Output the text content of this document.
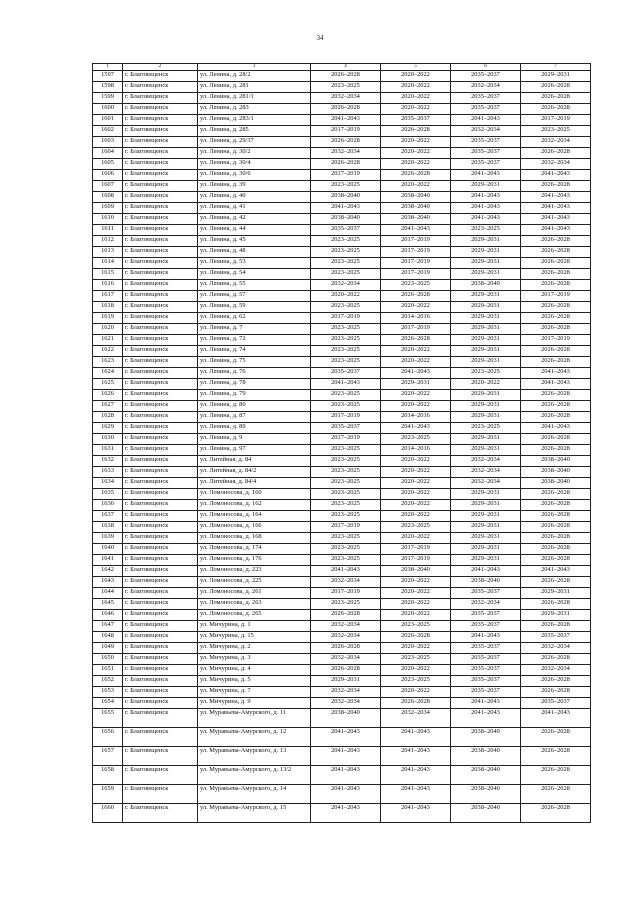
34
1	2	3	4	5	6	7
1597	г. Благовещенск	ул. Ленина, д. 28/2	2026–2028	2020–2022	2035–2037	2029–2031
1598	г. Благовещенск	ул. Ленина, д. 281	2023–2025	2020–2022	2032–2034	2026–2028
1599	г. Благовещенск	ул. Ленина, д. 281/1	2032–2034	2020–2022	2035–2037	2026–2028
1600	г. Благовещенск	ул. Ленина, д. 283	2026–2028	2020–2022	2035–2037	2026–2028
1601	г. Благовещенск	ул. Ленина, д. 283/1	2041–2043	2035–2037	2041–2043	2017–2019
1602	г. Благовещенск	ул. Ленина, д. 285	2017–2019	2026–2028	2032–2034	2023–2025
1603	г. Благовещенск	ул. Ленина, д. 29/37	2026–2028	2020–2022	2035–2037	2032–2034
1604	г. Благовещенск	ул. Ленина, д. 30/2	2032–2034	2020–2022	2035–2037	2026–2028
1605	г. Благовещенск	ул. Ленина, д. 30/4	2026–2028	2020–2022	2035–2037	2032–2034
1606	г. Благовещенск	ул. Ленина, д. 30/6	2017–2019	2026–2028	2041–2043	2041–2043
1607	г. Благовещенск	ул. Ленина, д. 39	2023–2025	2020–2022	2029–2031	2026–2028
1608	г. Благовещенск	ул. Ленина, д. 40	2038–2040	2038–2040	2041–2043	2041–2043
1609	г. Благовещенск	ул. Ленина, д. 41	2041–2043	2038–2040	2041–2043	2041–2043
1610	г. Благовещенск	ул. Ленина, д. 42	2038–2040	2038–2040	2041–2043	2041–2043
1611	г. Благовещенск	ул. Ленина, д. 44	2035–2037	2041–2043	2023–2025	2041–2043
1612	г. Благовещенск	ул. Ленина, д. 45	2023–2025	2017–2019	2029–2031	2026–2028
1613	г. Благовещенск	ул. Ленина, д. 48	2023–2025	2017–2019	2029–2031	2026–2028
1614	г. Благовещенск	ул. Ленина, д. 53	2023–2025	2017–2019	2029–2031	2026–2028
1615	г. Благовещенск	ул. Ленина, д. 54	2023–2025	2017–2019	2029–2031	2026–2028
1616	г. Благовещенск	ул. Ленина, д. 55	2032–2034	2023–2025	2038–2040	2026–2028
1617	г. Благовещенск	ул. Ленина, д. 57	2020–2022	2026–2028	2029–2031	2017–2019
1618	г. Благовещенск	ул. Ленина, д. 59	2023–2025	2020–2022	2029–2031	2026–2028
1619	г. Благовещенск	ул. Ленина, д. 62	2017–2019	2014–2016	2029–2031	2026–2028
1620	г. Благовещенск	ул. Ленина, д. 7	2023–2025	2017–2019	2029–2031	2026–2028
1621	г. Благовещенск	ул. Ленина, д. 72	2023–2025	2026–2028	2029–2031	2017–2019
1622	г. Благовещенск	ул. Ленина, д. 74	2023–2025	2020–2022	2029–2031	2026–2028
1623	г. Благовещенск	ул. Ленина, д. 75	2023–2025	2020–2022	2029–2031	2026–2028
1624	г. Благовещенск	ул. Ленина, д. 76	2035–2037	2041–2043	2023–2025	2041–2043
1625	г. Благовещенск	ул. Ленина, д. 78	2041–2043	2029–2031	2020–2022	2041–2043
1626	г. Благовещенск	ул. Ленина, д. 79	2023–2025	2020–2022	2029–2031	2026–2028
1627	г. Благовещенск	ул. Ленина, д. 80	2023–2025	2020–2022	2029–2031	2026–2028
1628	г. Благовещенск	ул. Ленина, д. 87	2017–2019	2014–2016	2029–2031	2026–2028
1629	г. Благовещенск	ул. Ленина, д. 89	2035–2037	2041–2043	2023–2025	2041–2043
1630	г. Благовещенск	ул. Ленина, д. 9	2017–2019	2023–2025	2029–2031	2026–2028
1631	г. Благовещенск	ул. Ленина, д. 97	2023–2025	2014–2016	2029–2031	2026–2028
1632	г. Благовещенск	ул. Литейная, д. 84	2023–2025	2020–2022	2032–2034	2038–2040
1633	г. Благовещенск	ул. Литейная, д. 84/2	2023–2025	2020–2022	2032–2034	2038–2040
1634	г. Благовещенск	ул. Литейная, д. 84/4	2023–2025	2020–2022	2032–2034	2038–2040
1635	г. Благовещенск	ул. Ломоносова, д. 160	2023–2025	2020–2022	2029–2031	2026–2028
1636	г. Благовещенск	ул. Ломоносова, д. 162	2023–2025	2020–2022	2029–2031	2026–2028
1637	г. Благовещенск	ул. Ломоносова, д. 164	2023–2025	2020–2022	2029–2031	2026–2028
1638	г. Благовещенск	ул. Ломоносова, д. 166	2017–2019	2023–2025	2029–2031	2026–2028
1639	г. Благовещенск	ул. Ломоносова, д. 168	2023–2025	2020–2022	2029–2031	2026–2028
1640	г. Благовещенск	ул. Ломоносова, д. 174	2023–2025	2017–2019	2029–2031	2026–2028
1641	г. Благовещенск	ул. Ломоносова, д. 176	2023–2025	2017–2019	2029–2031	2026–2028
1642	г. Благовещенск	ул. Ломоносова, д. 223	2041–2043	2038–2040	2041–2043	2041–2043
1643	г. Благовещенск	ул. Ломоносова, д. 225	2032–2034	2020–2022	2038–2040	2026–2028
1644	г. Благовещенск	ул. Ломоносова, д. 261	2017–2019	2020–2022	2035–2037	2029–2031
1645	г. Благовещенск	ул. Ломоносова, д. 263	2023–2025	2020–2022	2032–2034	2026–2028
1646	г. Благовещенск	ул. Ломоносова, д. 265	2026–2028	2020–2022	2035–2037	2029–2031
1647	г. Благовещенск	ул. Мичурина, д. 1	2032–2034	2023–2025	2035–2037	2026–2028
1648	г. Благовещенск	ул. Мичурина, д. 15	2032–2034	2026–2028	2041–2043	2035–2037
1649	г. Благовещенск	ул. Мичурина, д. 2	2026–2028	2020–2022	2035–2037	2032–2034
1650	г. Благовещенск	ул. Мичурина, д. 3	2032–2034	2023–2025	2035–2037	2026–2028
1651	г. Благовещенск	ул. Мичурина, д. 4	2026–2028	2020–2022	2035–2037	2032–2034
1652	г. Благовещенск	ул. Мичурина, д. 5	2029–2031	2023–2025	2035–2037	2026–2028
1653	г. Благовещенск	ул. Мичурина, д. 7	2032–2034	2020–2022	2035–2037	2026–2028
1654	г. Благовещенск	ул. Мичурина, д. 9	2032–2034	2026–2028	2041–2043	2035–2037
1655	г. Благовещенск	ул. Муравьева-Амурского, д. 11	2038–2040	2032–2034	2041–2043	2041–2043
1656	г. Благовещенск	ул. Муравьева-Амурского, д. 12	2041–2043	2041–2043	2038–2040	2026–2028
1657	г. Благовещенск	ул. Муравьева-Амурского, д. 13	2041–2043	2041–2043	2038–2040	2026–2028
1658	г. Благовещенск	ул. Муравьева-Амурского, д. 13/2	2041–2043	2041–2043	2038–2040	2026–2028
1659	г. Благовещенск	ул. Муравьева-Амурского, д. 14	2041–2043	2041–2043	2038–2040	2026–2028
1660	г. Благовещенск	ул. Муравьева-Амурского, д. 15	2041–2043	2041–2043	2038–2040	2026–2028
